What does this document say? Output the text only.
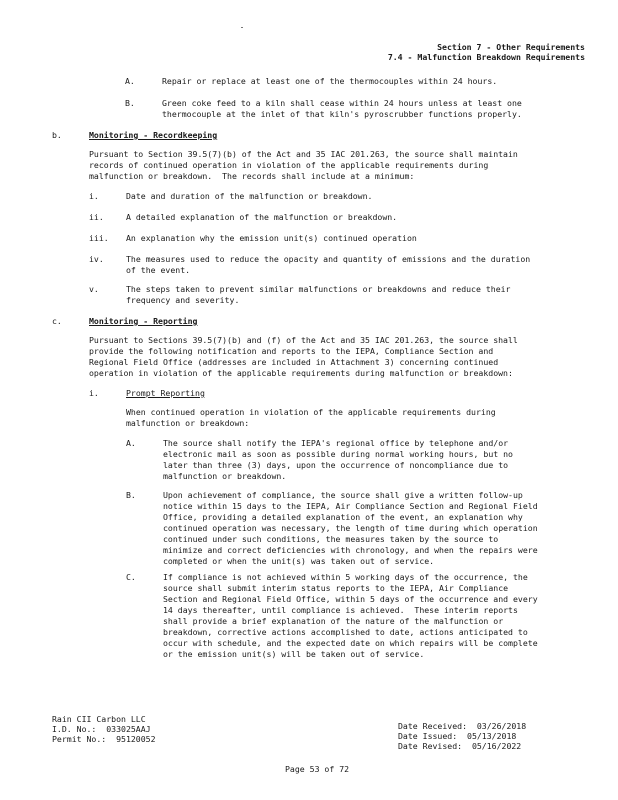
Section 7 - Other Requirements
7.4 - Malfunction Breakdown Requirements
A.	Repair or replace at least one of the thermocouples within 24 hours.
B.	Green coke feed to a kiln shall cease within 24 hours unless at least one
thermocouple at the inlet of that kiln's pyroscrubber functions properly.
b.	Monitoring - Recordkeeping
Pursuant to Section 39.5(7)(b) of the Act and 35 IAC 201.263, the source shall maintain
records of continued operation in violation of the applicable requirements during
malfunction or breakdown.  The records shall include at a minimum:
i.	Date and duration of the malfunction or breakdown.
ii.	A detailed explanation of the malfunction or breakdown.
iii. An explanation why the emission unit(s) continued operation
iv.	The measures used to reduce the opacity and quantity of emissions and the duration
of the event.
v.	The steps taken to prevent similar malfunctions or breakdowns and reduce their
frequency and severity.
c.	Monitoring - Reporting
Pursuant to Sections 39.5(7)(b) and (f) of the Act and 35 IAC 201.263, the source shall
provide the following notification and reports to the IEPA, Compliance Section and
Regional Field Office (addresses are included in Attachment 3) concerning continued
operation in violation of the applicable requirements during malfunction or breakdown:
i.	Prompt Reporting
When continued operation in violation of the applicable requirements during
malfunction or breakdown:
A.	The source shall notify the IEPA's regional office by telephone and/or
electronic mail as soon as possible during normal working hours, but no
later than three (3) days, upon the occurrence of noncompliance due to
malfunction or breakdown.
B.	Upon achievement of compliance, the source shall give a written follow-up
notice within 15 days to the IEPA, Air Compliance Section and Regional Field
Office, providing a detailed explanation of the event, an explanation why
continued operation was necessary, the length of time during which operation
continued under such conditions, the measures taken by the source to
minimize and correct deficiencies with chronology, and when the repairs were
completed or when the unit(s) was taken out of service.
C.	If compliance is not achieved within 5 working days of the occurrence, the
source shall submit interim status reports to the IEPA, Air Compliance
Section and Regional Field Office, within 5 days of the occurrence and every
14 days thereafter, until compliance is achieved.  These interim reports
shall provide a brief explanation of the nature of the malfunction or
breakdown, corrective actions accomplished to date, actions anticipated to
occur with schedule, and the expected date on which repairs will be complete
or the emission unit(s) will be taken out of service.
Rain CII Carbon LLC
I.D. No.:  033025AAJ
Permit No.:  95120052
Date Received:  03/26/2018
Date Issued:  05/13/2018
Date Revised:  05/16/2022
Page 53 of 72
